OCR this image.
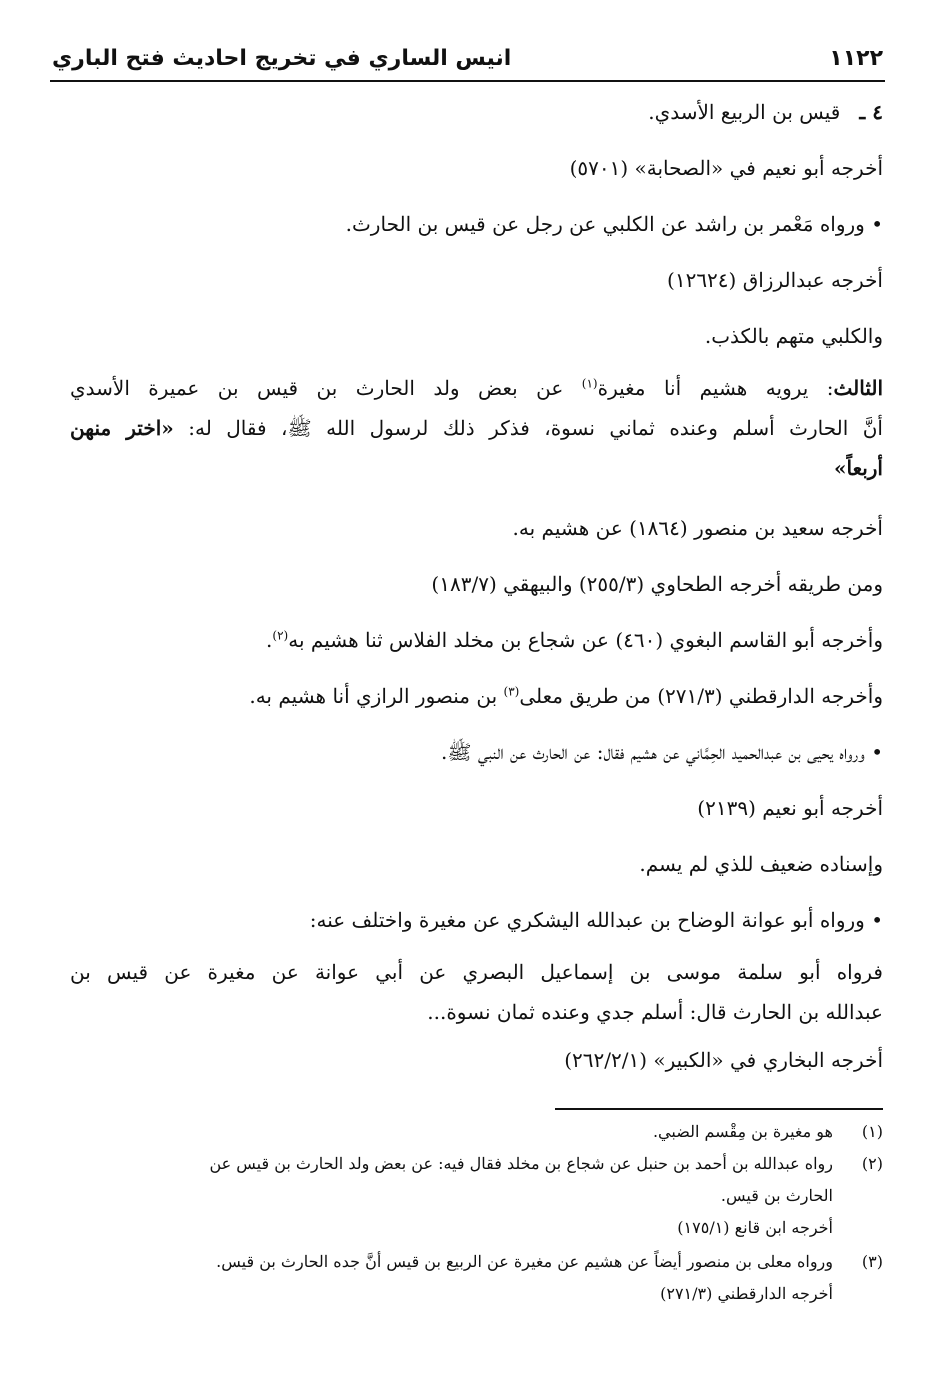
١١٢٢
انيس الساري في تخريج احاديث فتح الباري
٤ ـ   قيس بن الربيع الأسدي.
أخرجه أبو نعيم في «الصحابة» (٥٧٠١)
• ورواه مَعْمر بن راشد عن الكلبي عن رجل عن قيس بن الحارث.
أخرجه عبدالرزاق (١٢٦٢٤)
والكلبي متهم بالكذب.
الثالث: يرويه هشيم أنا مغيرة$^{(١)}$ عن بعض ولد الحارث بن قيس بن عميرة الأسدي
أنَّ الحارث أسلم وعنده ثماني نسوة، فذكر ذلك لرسول الله ﷺ، فقال له: «اختر منهن
أربعاً»
أخرجه سعيد بن منصور (١٨٦٤) عن هشيم به.
ومن طريقه أخرجه الطحاوي (٢٥٥/٣) والبيهقي (١٨٣/٧)
وأخرجه أبو القاسم البغوي (٤٦٠) عن شجاع بن مخلد الفلاس ثنا هشيم به$^{(٢)}$.
وأخرجه الدارقطني (٢٧١/٣) من طريق معلى$^{(٣)}$ بن منصور الرازي أنا هشيم به.
• ورواه يحيى بن عبدالحميد الحِمَّاني عن هشيم فقال: عن الحارث عن النبي ﷺ.
أخرجه أبو نعيم (٢١٣٩)
وإسناده ضعيف للذي لم يسم.
• ورواه أبو عوانة الوضاح بن عبدالله اليشكري عن مغيرة واختلف عنه:
فرواه أبو سلمة موسى بن إسماعيل البصري عن أبي عوانة عن مغيرة عن قيس بن
عبدالله بن الحارث قال: أسلم جدي وعنده ثمان نسوة...
أخرجه البخاري في «الكبير» (٢٦٢/٢/١)
(١)
هو مغيرة بن مِقْسم الضبي.
(٢)
رواه عبدالله بن أحمد بن حنبل عن شجاع بن مخلد فقال فيه: عن بعض ولد الحارث بن قيس عن
الحارث بن قيس.
أخرجه ابن قانع (١٧٥/١)
(٣)
ورواه معلى بن منصور أيضاً عن هشيم عن مغيرة عن الربيع بن قيس أنَّ جده الحارث بن قيس.
أخرجه الدارقطني (٢٧١/٣)
